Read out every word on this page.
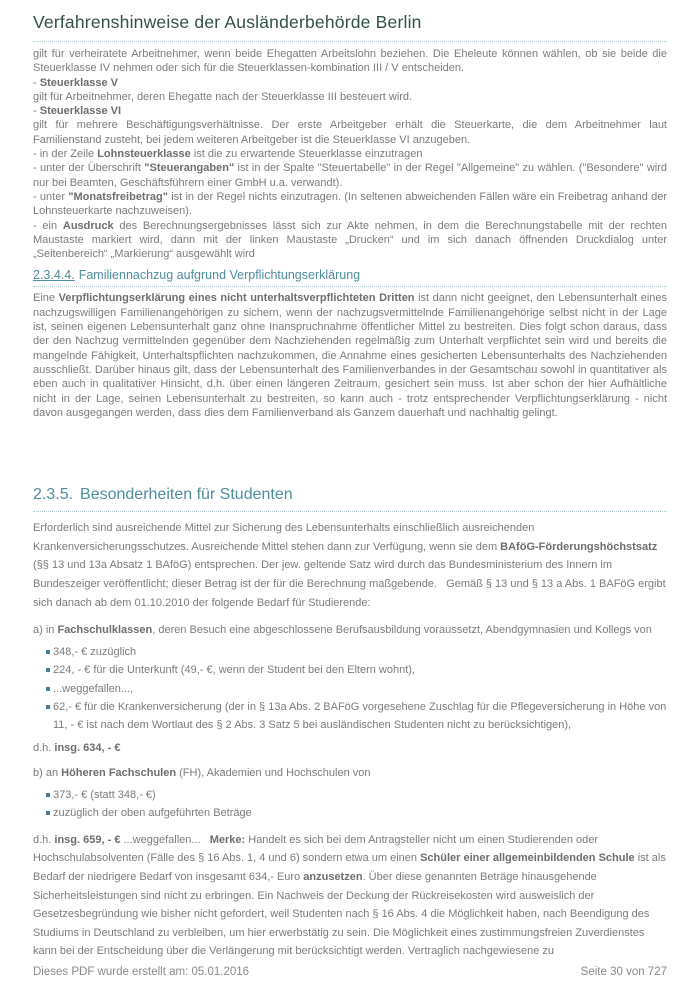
Verfahrenshinweise der Ausländerbehörde Berlin
gilt für verheiratete Arbeitnehmer, wenn beide Ehegatten Arbeitslohn beziehen. Die Eheleute können wählen, ob sie beide die Steuerklasse IV nehmen oder sich für die Steuerklassen-kombination III / V entscheiden.
- Steuerklasse V
gilt für Arbeitnehmer, deren Ehegatte nach der Steuerklasse III besteuert wird.
- Steuerklasse VI
gilt für mehrere Beschäftigungsverhältnisse. Der erste Arbeitgeber erhält die Steuerkarte, die dem Arbeitnehmer laut Familienstand zusteht, bei jedem weiteren Arbeitgeber ist die Steuerklasse VI anzugeben.
- in der Zeile Lohnsteuerklasse ist die zu erwartende Steuerklasse einzutragen
- unter der Überschrift "Steuerangaben" ist in der Spalte "Steuertabelle" in der Regel "Allgemeine" zu wählen. ("Besondere" wird nur bei Beamten, Geschäftsführern einer GmbH u.a. verwandt).
- unter "Monatsfreibetrag" ist in der Regel nichts einzutragen. (In seltenen abweichenden Fällen wäre ein Freibetrag anhand der Lohnsteuerkarte nachzuweisen).
- ein Ausdruck des Berechnungsergebnisses lässt sich zur Akte nehmen, in dem die Berechnungstabelle mit der rechten Maustaste markiert wird, dann mit der linken Maustaste „Drucken“ und im sich danach öffnenden Druckdialog unter „Seitenbereich“ „Markierung“ ausgewählt wird
2.3.4.4. Familiennachzug aufgrund Verpflichtungserklärung
Eine Verpflichtungserklärung eines nicht unterhaltsverpflichteten Dritten ist dann nicht geeignet, den Lebensunterhalt eines nachzugswilligen Familienangehörigen zu sichern, wenn der nachzugsvermittelnde Familienangehörige selbst nicht in der Lage ist, seinen eigenen Lebensunterhalt ganz ohne Inanspruchnahme öffentlicher Mittel zu bestreiten. Dies folgt schon daraus, dass der den Nachzug vermittelnden gegenüber dem Nachziehenden regelmäßig zum Unterhalt verpflichtet sein wird und bereits die mangelnde Fähigkeit, Unterhaltspflichten nachzukommen, die Annahme eines gesicherten Lebensunterhalts des Nachziehenden ausschließt. Darüber hinaus gilt, dass der Lebensunterhalt des Familienverbandes in der Gesamtschau sowohl in quantitativer als eben auch in qualitativer Hinsicht, d.h. über einen längeren Zeitraum, gesichert sein muss. Ist aber schon der hier Aufhältliche nicht in der Lage, seinen Lebensunterhalt zu bestreiten, so kann auch - trotz entsprechender Verpflichtungserklärung - nicht davon ausgegangen werden, dass dies dem Familienverband als Ganzem dauerhaft und nachhaltig gelingt.
2.3.5. Besonderheiten für Studenten
Erforderlich sind ausreichende Mittel zur Sicherung des Lebensunterhalts einschließlich ausreichenden Krankenversicherungsschutzes. Ausreichende Mittel stehen dann zur Verfügung, wenn sie dem BAföG-Förderungshöchstsatz (§§ 13 und 13a Absatz 1 BAföG) entsprechen. Der jew. geltende Satz wird durch das Bundesministerium des Innern im Bundeszeiger veröffentlicht; dieser Betrag ist der für die Berechnung maßgebende.   Gemäß § 13 und § 13 a Abs. 1 BAFöG ergibt sich danach ab dem 01.10.2010 der folgende Bedarf für Studierende:
a) in Fachschulklassen, deren Besuch eine abgeschlossene Berufsausbildung voraussetzt, Abendgymnasien und Kollegs von
348,- € zuzüglich
224, - € für die Unterkunft (49,- €, wenn der Student bei den Eltern wohnt),
...weggefallen...,
62,- € für die Krankenversicherung (der in § 13a Abs. 2 BAFöG vorgesehene Zuschlag für die Pflegeversicherung in Höhe von 11, - € ist nach dem Wortlaut des § 2 Abs. 3 Satz 5 bei ausländischen Studenten nicht zu berücksichtigen),
d.h. insg. 634, - €
b) an Höheren Fachschulen (FH), Akademien und Hochschulen von
373,- € (statt 348,- €)
zuzüglich der oben aufgeführten Beträge
d.h. insg. 659, - € ...weggefallen...   Merke: Handelt es sich bei dem Antragsteller nicht um einen Studierenden oder Hochschulabsolventen (Fälle des § 16 Abs. 1, 4 und 6) sondern etwa um einen Schüler einer allgemeinbildenden Schule ist als Bedarf der niedrigere Bedarf von insgesamt 634,- Euro anzusetzen. Über diese genannten Beträge hinausgehende Sicherheitsleistungen sind nicht zu erbringen. Ein Nachweis der Deckung der Rückreisekosten wird ausweislich der Gesetzesbegründung wie bisher nicht gefordert, weil Studenten nach § 16 Abs. 4 die Möglichkeit haben, nach Beendigung des Studiums in Deutschland zu verbleiben, um hier erwerbstätig zu sein. Die Möglichkeit eines zustimmungsfreien Zuverdienstes kann bei der Entscheidung über die Verlängerung mit berücksichtigt werden. Vertraglich nachgewiesene zu
Dieses PDF wurde erstellt am: 05.01.2016	Seite 30 von 727
